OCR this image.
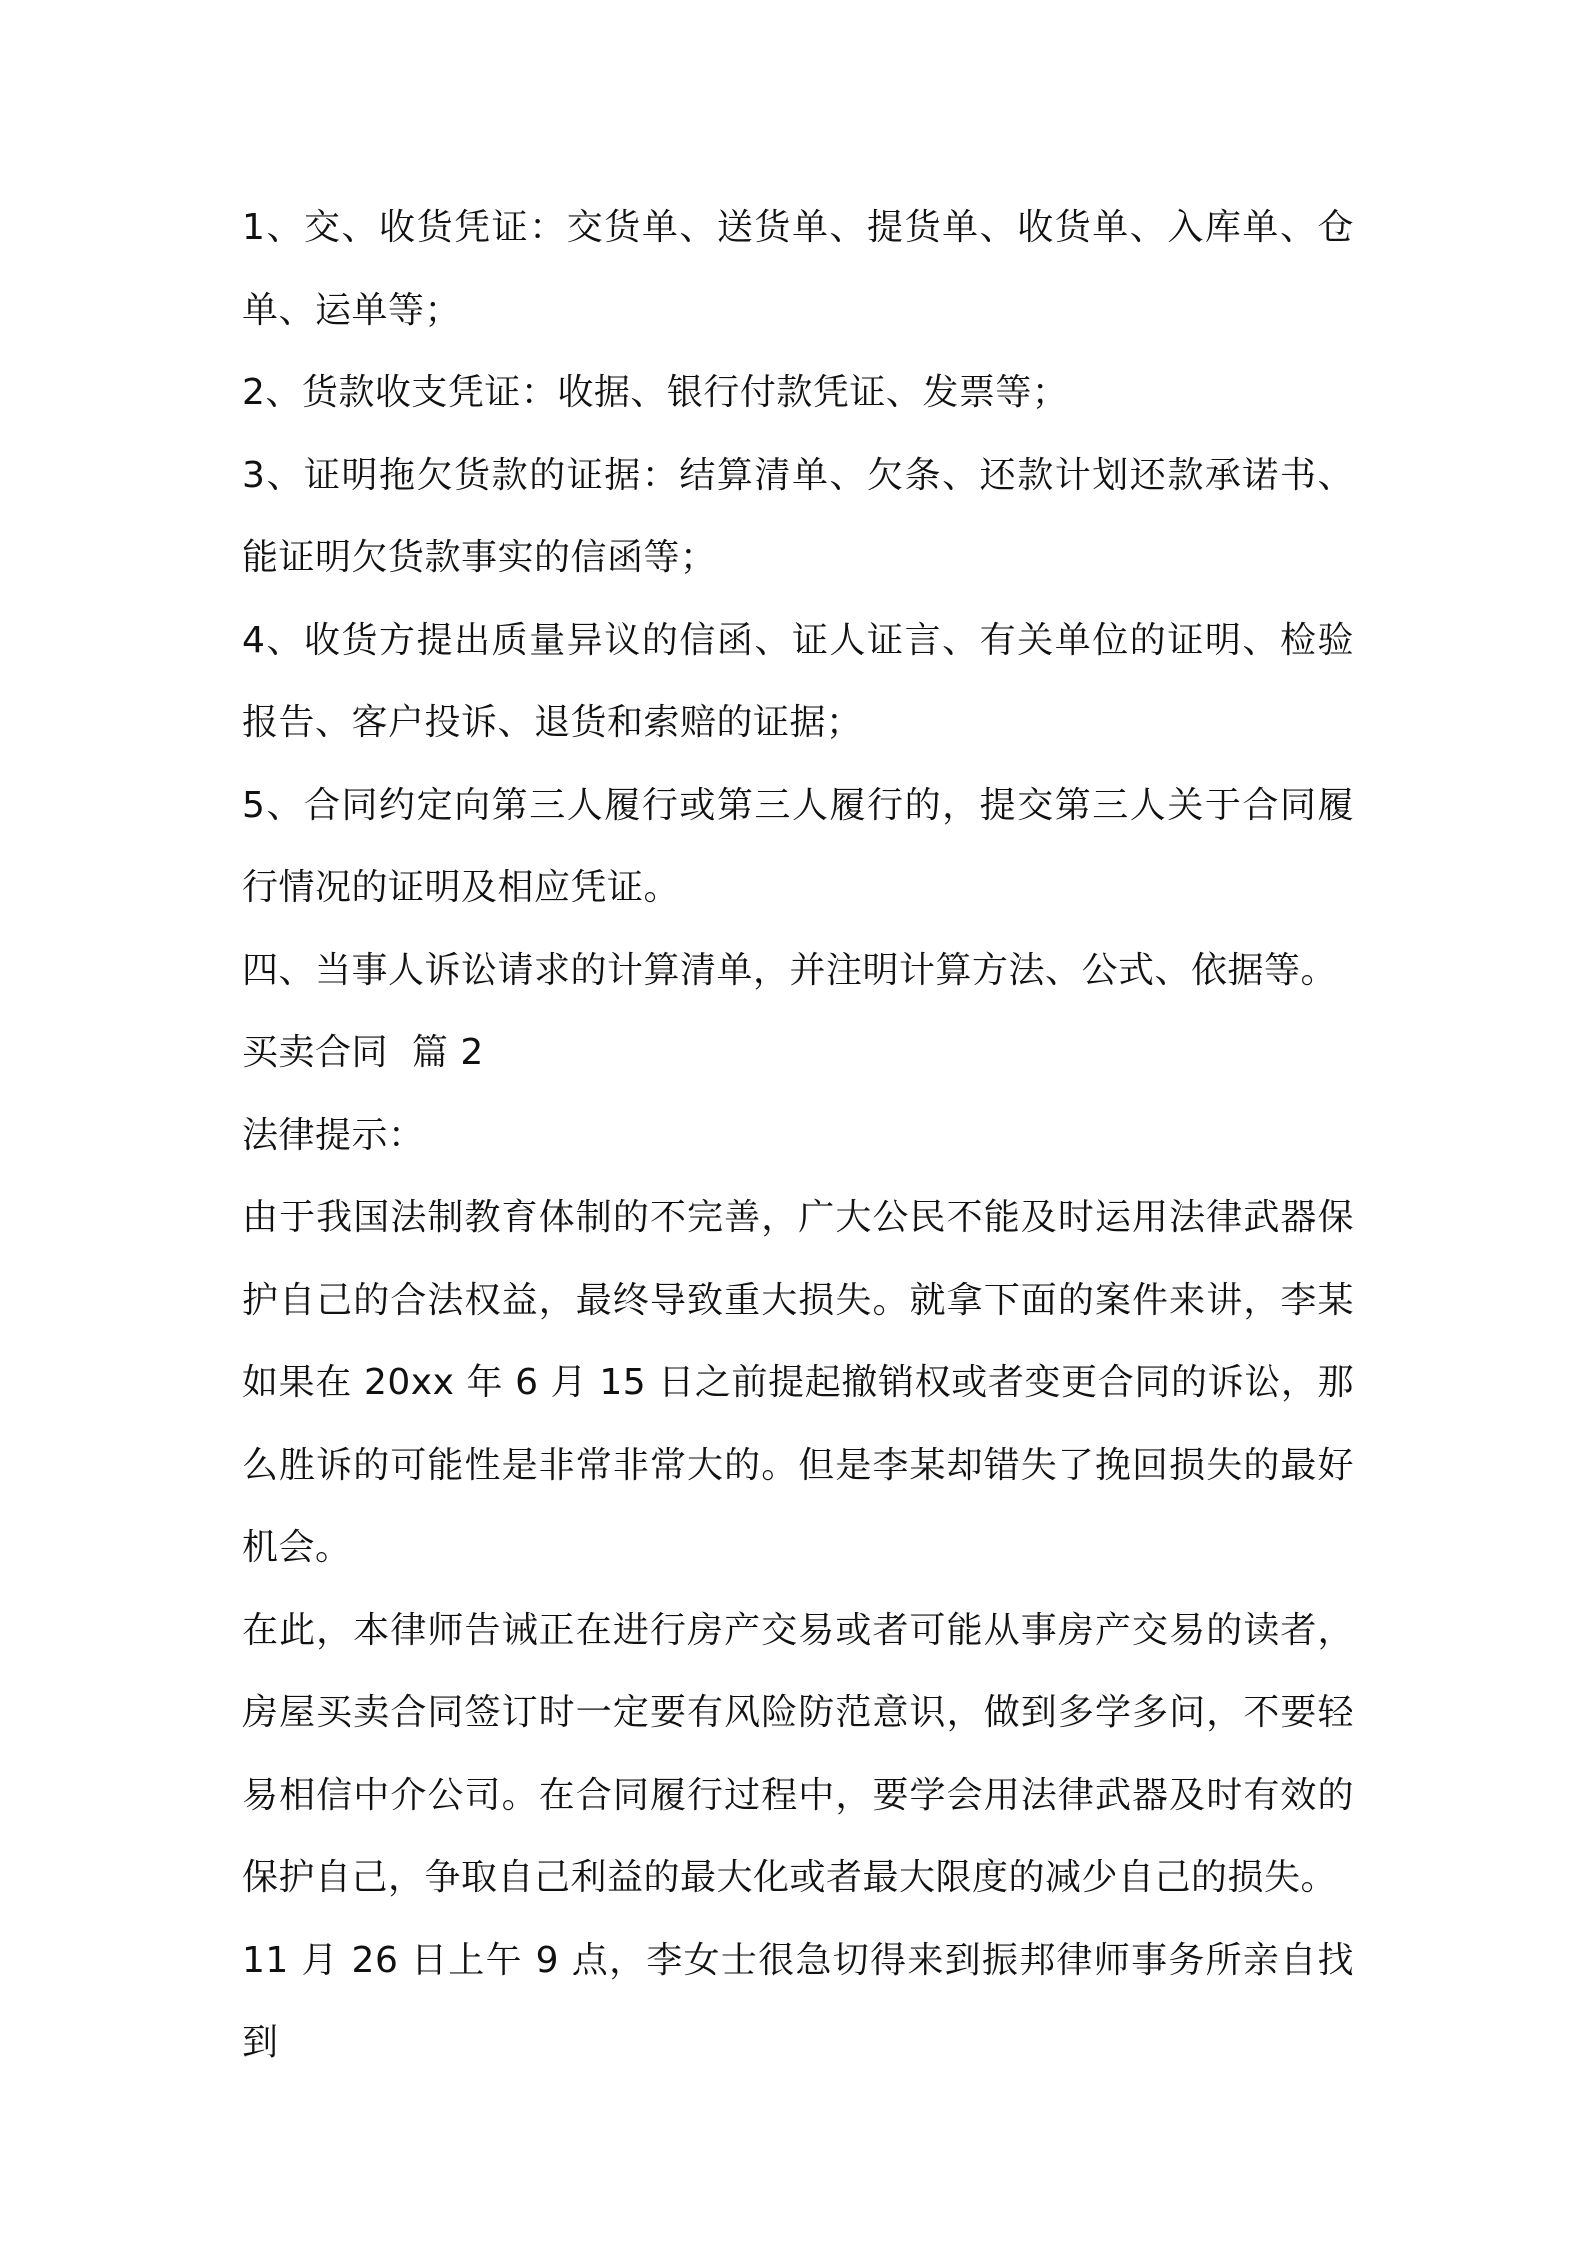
1、交、收货凭证：交货单、送货单、提货单、收货单、入库单、仓单、运单等；

2、货款收支凭证：收据、银行付款凭证、发票等；

3、证明拖欠货款的证据：结算清单、欠条、还款计划还款承诺书、能证明欠货款事实的信函等；

4、收货方提出质量异议的信函、证人证言、有关单位的证明、检验报告、客户投诉、退货和索赔的证据；

5、合同约定向第三人履行或第三人履行的，提交第三人关于合同履行情况的证明及相应凭证。

四、当事人诉讼请求的计算清单，并注明计算方法、公式、依据等。

买卖合同  篇 2

法律提示：

由于我国法制教育体制的不完善，广大公民不能及时运用法律武器保护自己的合法权益，最终导致重大损失。就拿下面的案件来讲，李某如果在 20xx 年 6 月 15 日之前提起撤销权或者变更合同的诉讼，那么胜诉的可能性是非常非常大的。但是李某却错失了挽回损失的最好机会。

在此，本律师告诫正在进行房产交易或者可能从事房产交易的读者，房屋买卖合同签订时一定要有风险防范意识，做到多学多问，不要轻易相信中介公司。在合同履行过程中，要学会用法律武器及时有效的保护自己，争取自己利益的最大化或者最大限度的减少自己的损失。

11 月 26 日上午 9 点，李女士很急切得来到振邦律师事务所亲自找到
